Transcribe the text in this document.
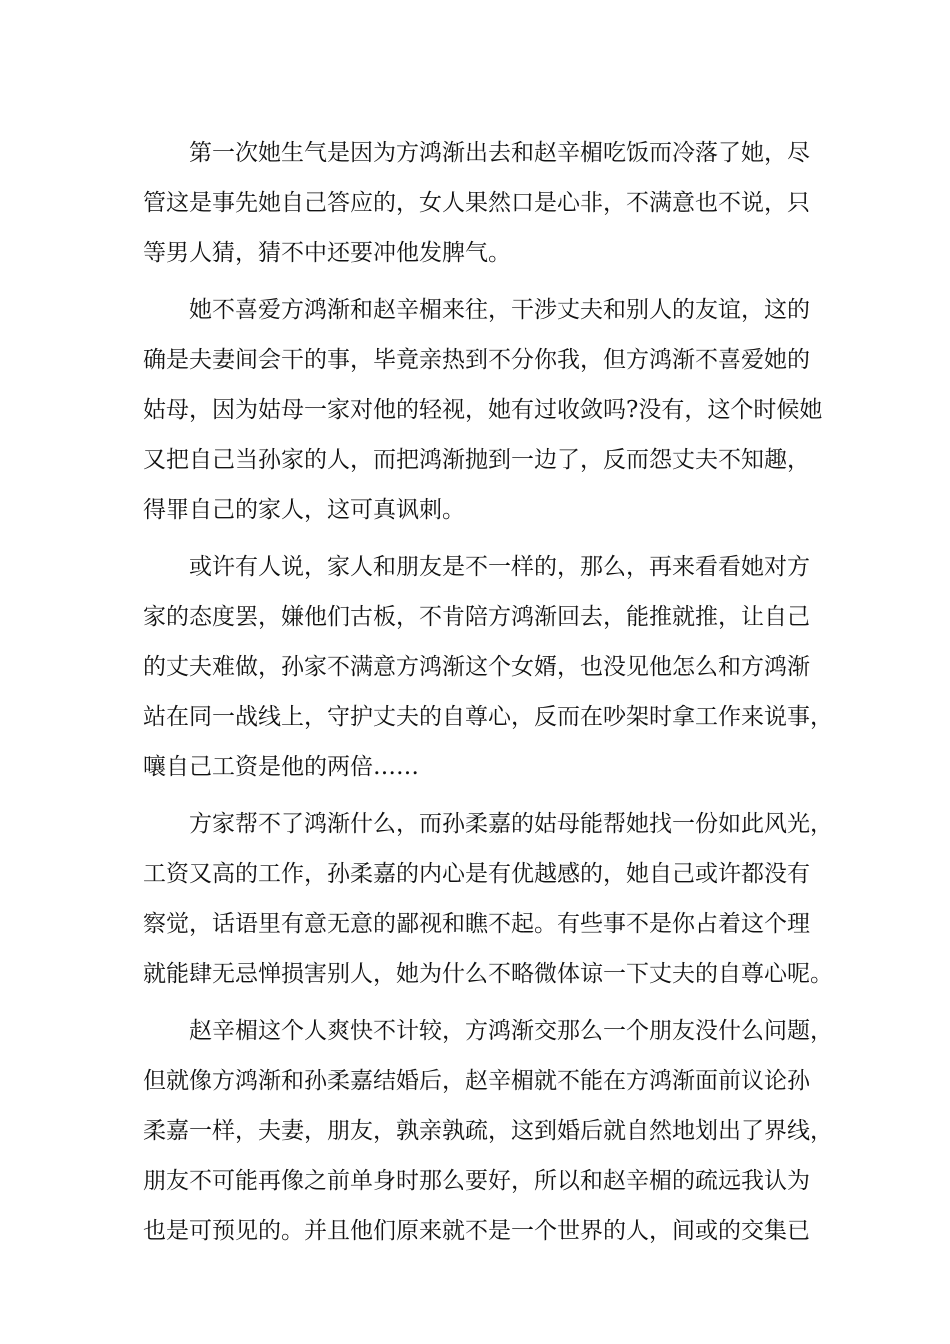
第一次她生气是因为方鸿渐出去和赵辛楣吃饭而冷落了她，尽
管这是事先她自己答应的，女人果然口是心非，不满意也不说，只
等男人猜，猜不中还要冲他发脾气。
她不喜爱方鸿渐和赵辛楣来往，干涉丈夫和别人的友谊，这的
确是夫妻间会干的事，毕竟亲热到不分你我，但方鸿渐不喜爱她的
姑母，因为姑母一家对他的轻视，她有过收敛吗?没有，这个时候她
又把自己当孙家的人，而把鸿渐抛到一边了，反而怨丈夫不知趣，
得罪自己的家人，这可真讽刺。
或许有人说，家人和朋友是不一样的，那么，再来看看她对方
家的态度罢，嫌他们古板，不肯陪方鸿渐回去，能推就推，让自己
的丈夫难做，孙家不满意方鸿渐这个女婿，也没见他怎么和方鸿渐
站在同一战线上，守护丈夫的自尊心，反而在吵架时拿工作来说事，
嚷自己工资是他的两倍……
方家帮不了鸿渐什么，而孙柔嘉的姑母能帮她找一份如此风光，
工资又高的工作，孙柔嘉的内心是有优越感的，她自己或许都没有
察觉，话语里有意无意的鄙视和瞧不起。有些事不是你占着这个理
就能肆无忌惮损害别人，她为什么不略微体谅一下丈夫的自尊心呢。
赵辛楣这个人爽快不计较，方鸿渐交那么一个朋友没什么问题，
但就像方鸿渐和孙柔嘉结婚后，赵辛楣就不能在方鸿渐面前议论孙
柔嘉一样，夫妻，朋友，孰亲孰疏，这到婚后就自然地划出了界线，
朋友不可能再像之前单身时那么要好，所以和赵辛楣的疏远我认为
也是可预见的。并且他们原来就不是一个世界的人，间或的交集已
